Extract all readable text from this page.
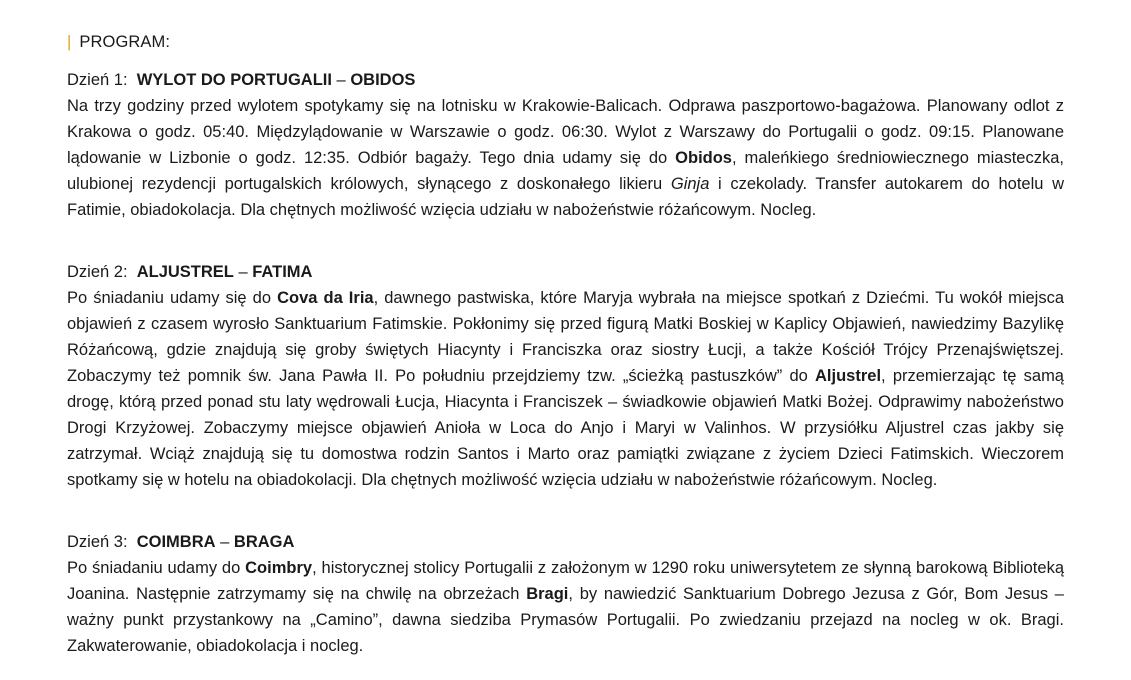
| PROGRAM:

Dzień 1: WYLOT DO PORTUGALII – OBIDOS

Na trzy godziny przed wylotem spotykamy się na lotnisku w Krakowie-Balicach. Odprawa paszportowo-bagażowa. Planowany odlot z Krakowa o godz. 05:40. Międzylądowanie w Warszawie o godz. 06:30. Wylot z Warszawy do Portugalii o godz. 09:15. Planowane lądowanie w Lizbonie o godz. 12:35. Odbiór bagaży. Tego dnia udamy się do Obidos, maleńkiego średniowiecznego miasteczka, ulubionej rezydencji portugalskich królowych, słynącego z doskonałego likieru Ginja i czekolady. Transfer autokarem do hotelu w Fatimie, obiadokolacja. Dla chętnych możliwość wzięcia udziału w nabożeństwie różańcowym. Nocleg.

Dzień 2: ALJUSTREL – FATIMA

Po śniadaniu udamy się do Cova da Iria, dawnego pastwiska, które Maryja wybrała na miejsce spotkań z Dziećmi. Tu wokół miejsca objawień z czasem wyrosło Sanktuarium Fatimskie. Pokłonimy się przed figurą Matki Boskiej w Kaplicy Objawień, nawiedzimy Bazylikę Różańcową, gdzie znajdują się groby świętych Hiacynty i Franciszka oraz siostry Łucji, a także Kościół Trójcy Przenajświętszej. Zobaczymy też pomnik św. Jana Pawła II. Po południu przejdziemy tzw. „ścieżką pastuszków” do Aljustrel, przemierzając tę samą drogę, którą przed ponad stu laty wędrowali Łucja, Hiacynta i Franciszek – świadkowie objawień Matki Bożej. Odprawimy nabożeństwo Drogi Krzyżowej. Zobaczymy miejsce objawień Anioła w Loca do Anjo i Maryi w Valinhos. W przysiółku Aljustrel czas jakby się zatrzymał. Wciąż znajdują się tu domostwa rodzin Santos i Marto oraz pamiątki związane z życiem Dzieci Fatimskich. Wieczorem spotkamy się w hotelu na obiadokolacji. Dla chętnych możliwość wzięcia udziału w nabożeństwie różańcowym. Nocleg.

Dzień 3: COIMBRA – BRAGA

Po śniadaniu udamy do Coimbry, historycznej stolicy Portugalii z założonym w 1290 roku uniwersytetem ze słynną barokową Biblioteką Joanina. Następnie zatrzymamy się na chwilę na obrzeżach Bragi, by nawiedzić Sanktuarium Dobrego Jezusa z Gór, Bom Jesus – ważny punkt przystankowy na „Camino”, dawna siedziba Prymasów Portugalii. Po zwiedzaniu przejazd na nocleg w ok. Bragi. Zakwaterowanie, obiadokolacja i nocleg.
